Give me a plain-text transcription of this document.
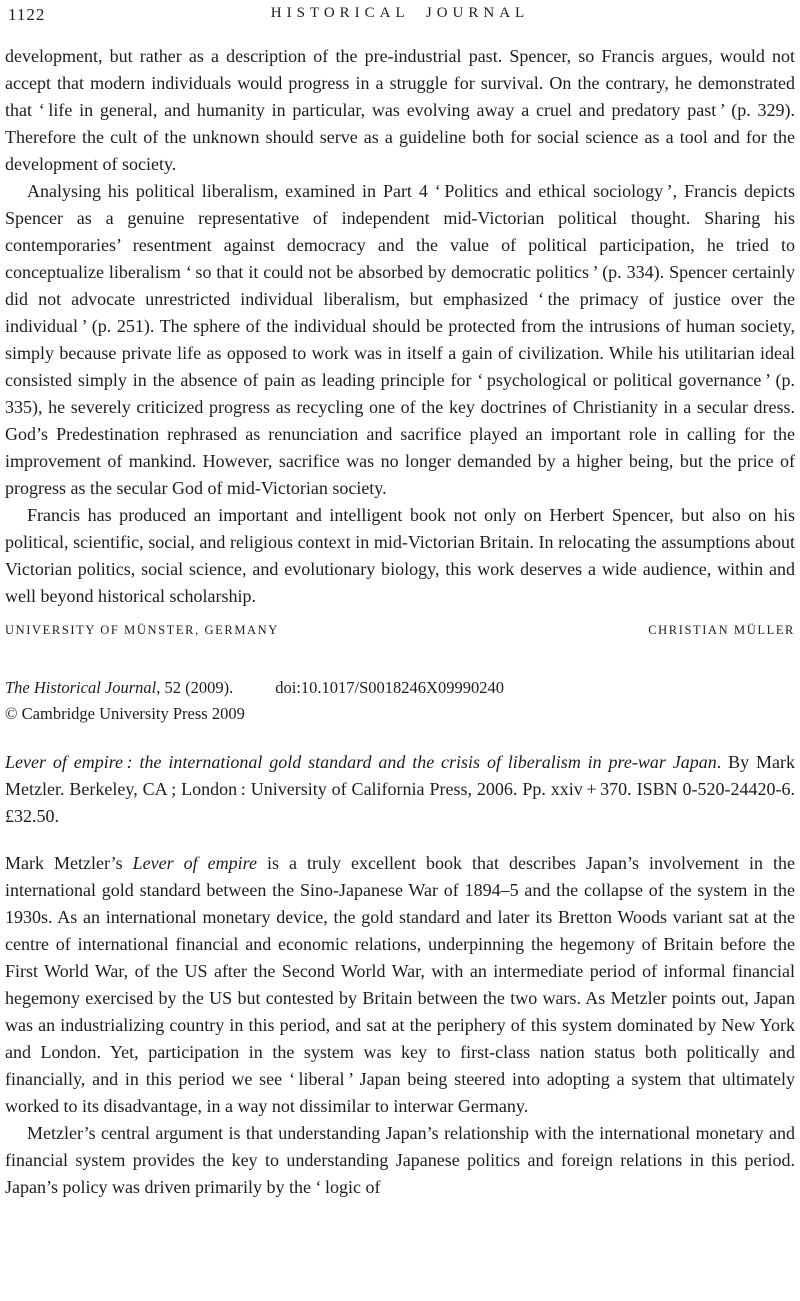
1122	HISTORICAL JOURNAL

development, but rather as a description of the pre-industrial past. Spencer, so Francis argues, would not accept that modern individuals would progress in a struggle for survival. On the contrary, he demonstrated that ‘ life in general, and humanity in particular, was evolving away a cruel and predatory past ’ (p. 329). Therefore the cult of the unknown should serve as a guideline both for social science as a tool and for the development of society.

Analysing his political liberalism, examined in Part 4 ‘ Politics and ethical sociology ’, Francis depicts Spencer as a genuine representative of independent mid-Victorian political thought. Sharing his contemporaries’ resentment against democracy and the value of political participation, he tried to conceptualize liberalism ‘ so that it could not be absorbed by democratic politics ’ (p. 334). Spencer certainly did not advocate unrestricted individual liberalism, but emphasized ‘ the primacy of justice over the individual ’ (p. 251). The sphere of the individual should be protected from the intrusions of human society, simply because private life as opposed to work was in itself a gain of civilization. While his utilitarian ideal consisted simply in the absence of pain as leading principle for ‘ psychological or political governance ’ (p. 335), he severely criticized progress as recycling one of the key doctrines of Christianity in a secular dress. God’s Predestination rephrased as renunciation and sacrifice played an important role in calling for the improvement of mankind. However, sacrifice was no longer demanded by a higher being, but the price of progress as the secular God of mid-Victorian society.

Francis has produced an important and intelligent book not only on Herbert Spencer, but also on his political, scientific, social, and religious context in mid-Victorian Britain. In relocating the assumptions about Victorian politics, social science, and evolutionary biology, this work deserves a wide audience, within and well beyond historical scholarship.

UNIVERSITY OF MÜNSTER, GERMANY	CHRISTIAN MÜLLER
The Historical Journal, 52 (2009).	doi:10.1017/S0018246X09990240
© Cambridge University Press 2009

Lever of empire : the international gold standard and the crisis of liberalism in pre-war Japan. By Mark Metzler. Berkeley, CA ; London : University of California Press, 2006. Pp. xxiv + 370. ISBN 0-520-24420-6. £32.50.

Mark Metzler’s Lever of empire is a truly excellent book that describes Japan’s involvement in the international gold standard between the Sino-Japanese War of 1894–5 and the collapse of the system in the 1930s. As an international monetary device, the gold standard and later its Bretton Woods variant sat at the centre of international financial and economic relations, underpinning the hegemony of Britain before the First World War, of the US after the Second World War, with an intermediate period of informal financial hegemony exercised by the US but contested by Britain between the two wars. As Metzler points out, Japan was an industrializing country in this period, and sat at the periphery of this system dominated by New York and London. Yet, participation in the system was key to first-class nation status both politically and financially, and in this period we see ‘ liberal ’ Japan being steered into adopting a system that ultimately worked to its disadvantage, in a way not dissimilar to interwar Germany.

Metzler’s central argument is that understanding Japan’s relationship with the international monetary and financial system provides the key to understanding Japanese politics and foreign relations in this period. Japan’s policy was driven primarily by the ‘ logic of
